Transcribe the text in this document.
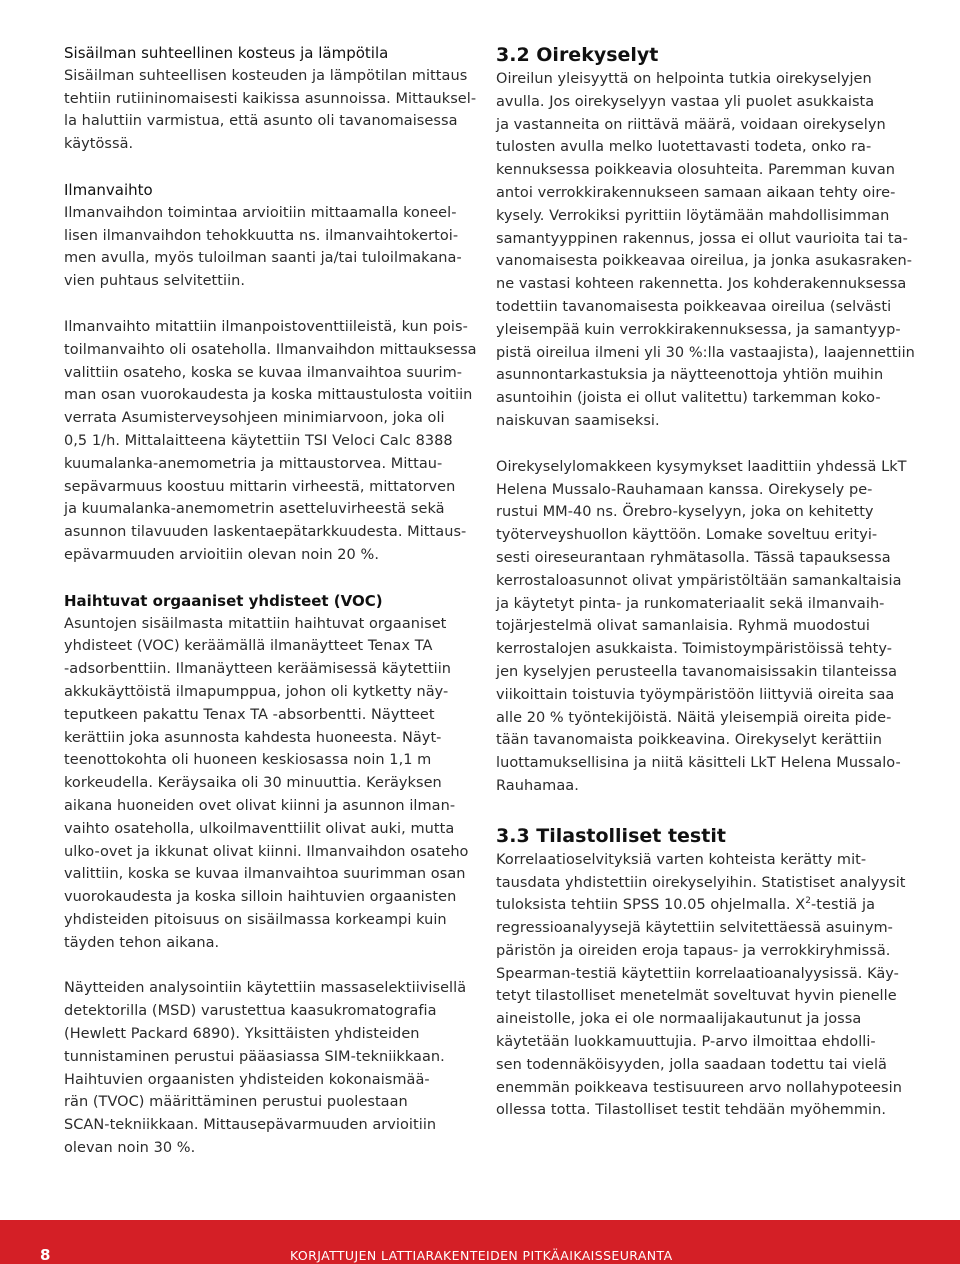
Sisäilman suhteellinen kosteus ja lämpötila

Sisäilman suhteellisen kosteuden ja lämpötilan mittaus
tehtiin rutiininomaisesti kaikissa asunnoissa. Mittauksel-
la haluttiin varmistua, että asunto oli tavanomaisessa
käytössä.

Ilmanvaihto

Ilmanvaihdon toimintaa arvioitiin mittaamalla koneel-
lisen ilmanvaihdon tehokkuutta ns. ilmanvaihtokertoi-
men avulla, myös tuloilman saanti ja/tai tuloilmakana-
vien puhtaus selvitettiin.

Ilmanvaihto mitattiin ilmanpoistoventtiileistä, kun pois-
toilmanvaihto oli osateholla. Ilmanvaihdon mittauksessa
valittiin osateho, koska se kuvaa ilmanvaihtoa suurim-
man osan vuorokaudesta ja koska mittaustulosta voitiin
verrata Asumisterveysohjeen minimiarvoon, joka oli
0,5 1/h. Mittalaitteena käytettiin TSI Veloci Calc 8388
kuumalanka-anemometria ja mittaustorvea. Mittau-
sepävarmuus koostuu mittarin virheestä, mittatorven
ja kuumalanka-anemometrin asetteluvirheestä sekä
asunnon tilavuuden laskentaepätarkkuudesta. Mittaus-
epävarmuuden arvioitiin olevan noin 20 %.

Haihtuvat orgaaniset yhdisteet (VOC)

Asuntojen sisäilmasta mitattiin haihtuvat orgaaniset
yhdisteet (VOC) keräämällä ilmanäytteet Tenax TA
-adsorbenttiin. Ilmanäytteen keräämisessä käytettiin
akkukäyttöistä ilmapumppua, johon oli kytketty näy-
teputkeen pakattu Tenax TA -absorbentti. Näytteet
kerättiin joka asunnosta kahdesta huoneesta. Näyt-
teenottokohta oli huoneen keskiosassa noin 1,1 m
korkeudella. Keräysaika oli 30 minuuttia. Keräyksen
aikana huoneiden ovet olivat kiinni ja asunnon ilman-
vaihto osateholla, ulkoilmaventtiilit olivat auki, mutta
ulko-ovet ja ikkunat olivat kiinni. Ilmanvaihdon osateho
valittiin, koska se kuvaa ilmanvaihtoa suurimman osan
vuorokaudesta ja koska silloin haihtuvien orgaanisten
yhdisteiden pitoisuus on sisäilmassa korkeampi kuin
täyden tehon aikana.

Näytteiden analysointiin käytettiin massaselektiivisellä
detektorilla (MSD) varustettua kaasukromatografia
(Hewlett Packard 6890). Yksittäisten yhdisteiden
tunnistaminen perustui pääasiassa SIM-tekniikkaan.
Haihtuvien orgaanisten yhdisteiden kokonaismää-
rän (TVOC) määrittäminen perustui puolestaan
SCAN-tekniikkaan. Mittausepävarmuuden arvioitiin
olevan noin 30 %.

3.2 Oirekyselyt

Oireilun yleisyyttä on helpointa tutkia oirekyselyjen
avulla. Jos oirekyselyyn vastaa yli puolet asukkaista
ja vastanneita on riittävä määrä, voidaan oirekyselyn
tulosten avulla melko luotettavasti todeta, onko ra-
kennuksessa poikkeavia olosuhteita. Paremman kuvan
antoi verrokkirakennukseen samaan aikaan tehty oire-
kysely. Verrokiksi pyrittiin löytämään mahdollisimman
samantyyppinen rakennus, jossa ei ollut vaurioita tai ta-
vanomaisesta poikkeavaa oireilua, ja jonka asukasraken-
ne vastasi kohteen rakennetta. Jos kohderakennuksessa
todettiin tavanomaisesta poikkeavaa oireilua (selvästi
yleisempää kuin verrokkirakennuksessa, ja samantyyp-
pistä oireilua ilmeni yli 30 %:lla vastaajista), laajennettiin
asunnontarkastuksia ja näytteenottoja yhtiön muihin
asuntoihin (joista ei ollut valitettu) tarkemman koko-
naiskuvan saamiseksi.

Oirekyselylomakkeen kysymykset laadittiin yhdessä LkT
Helena Mussalo-Rauhamaan kanssa. Oirekysely pe-
rustui MM-40 ns. Örebro-kyselyyn, joka on kehitetty
työterveyshuollon käyttöön. Lomake soveltuu erityi-
sesti oireseurantaan ryhmätasolla. Tässä tapauksessa
kerrostaloasunnot olivat ympäristöltään samankaltaisia
ja käytetyt pinta- ja runkomateriaalit sekä ilmanvaih-
tojärjestelmä olivat samanlaisia. Ryhmä muodostui
kerrostalojen asukkaista. Toimistoympäristöissä tehty-
jen kyselyjen perusteella tavanomaisissakin tilanteissa
viikoittain toistuvia työympäristöön liittyviä oireita saa
alle 20 % työntekijöistä. Näitä yleisempiä oireita pide-
tään tavanomaista poikkeavina. Oirekyselyt kerättiin
luottamuksellisina ja niitä käsitteli LkT Helena Mussalo-
Rauhamaa.

3.3 Tilastolliset testit

Korrelaatioselvityksiä varten kohteista kerätty mit-
tausdata yhdistettiin oirekyselyihin. Statistiset analyysit
tuloksista tehtiin SPSS 10.05 ohjelmalla. $X^2$-testiä ja
regressioanalyysejä käytettiin selvitettäessä asuinym-
päristön ja oireiden eroja tapaus- ja verrokkiryhmissä.
Spearman-testiä käytettiin korrelaatioanalyysissä. Käy-
tetyt tilastolliset menetelmät soveltuvat hyvin pienelle
aineistolle, joka ei ole normaalijakautunut ja jossa
käytetään luokkamuuttujia. P-arvo ilmoittaa ehdolli-
sen todennäköisyyden, jolla saadaan todettu tai vielä
enemmän poikkeava testisuureen arvo nollahypoteesin
ollessa totta. Tilastolliset testit tehdään myöhemmin.

8	KORJATTUJEN LATTIARAKENTEIDEN PITKÄAIKAISSEURANTA
